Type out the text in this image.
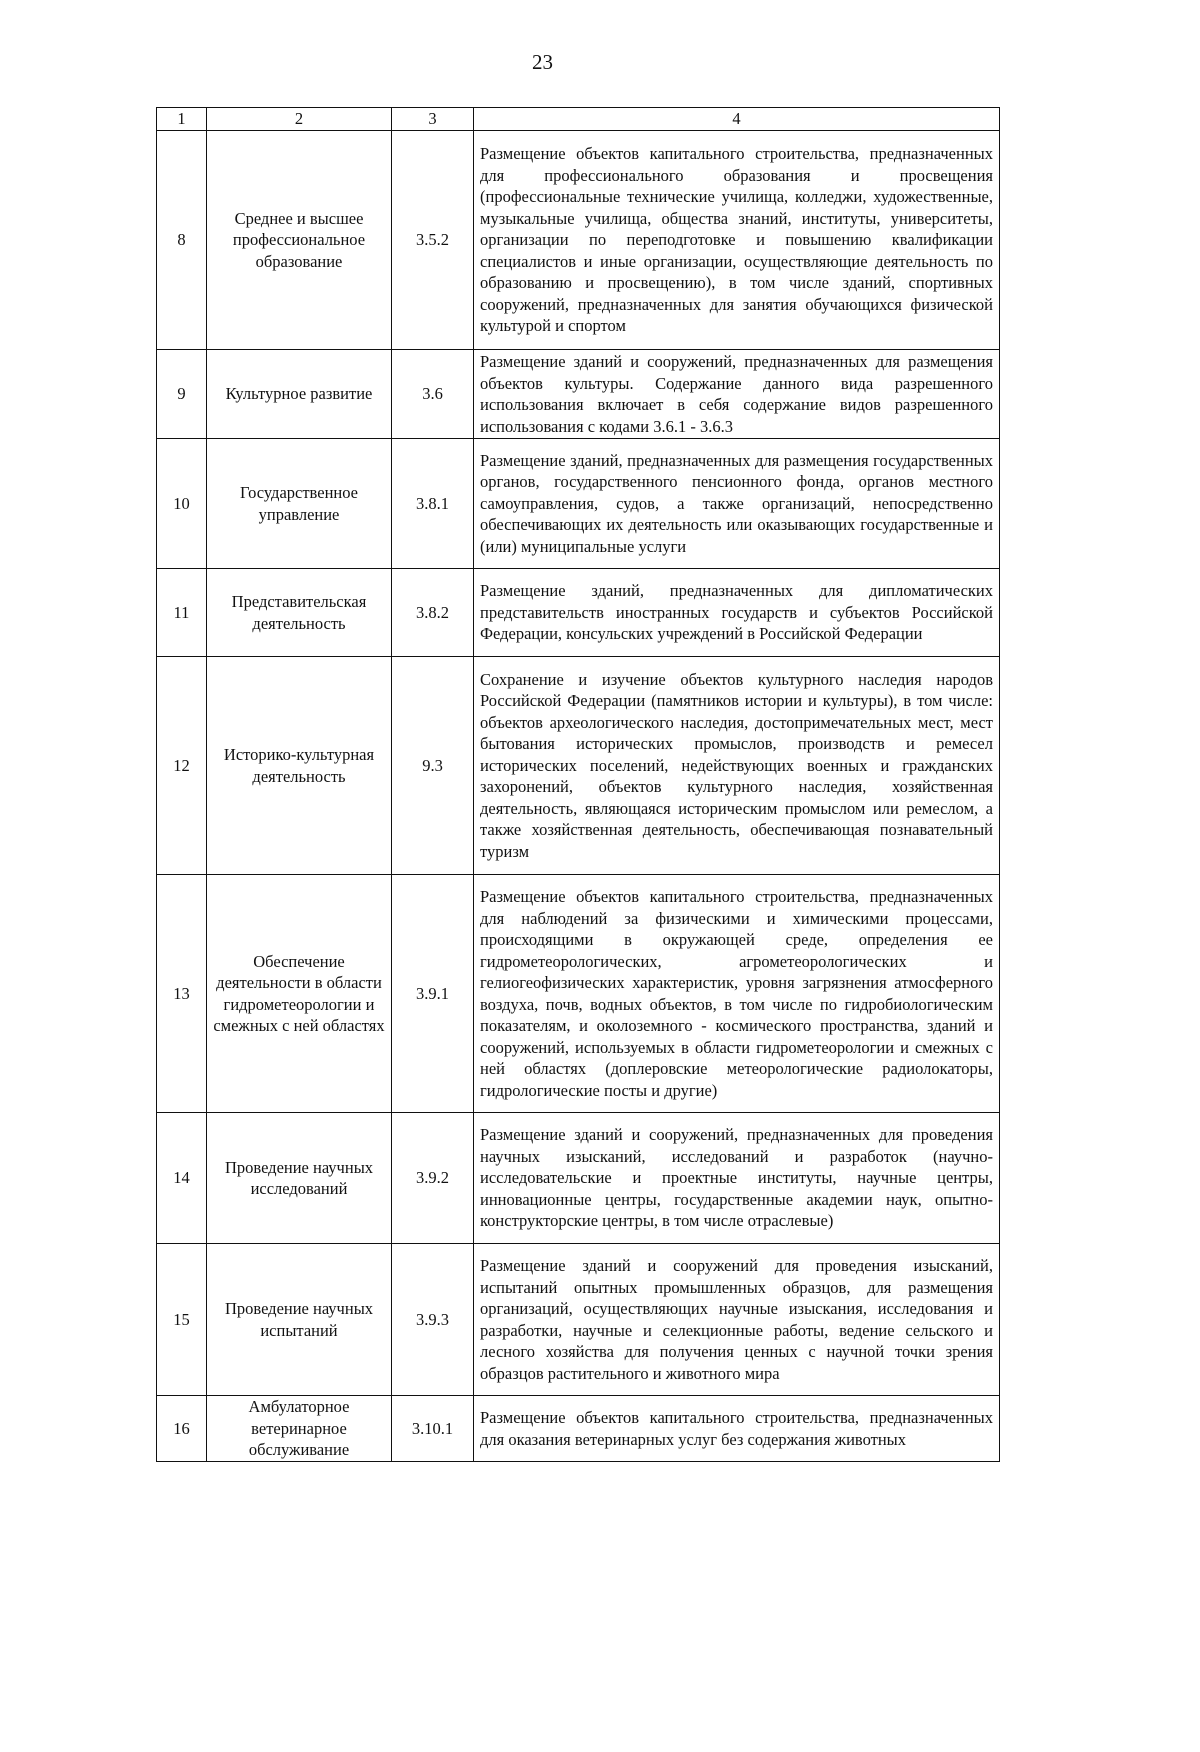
23
1	2	3	4
8	Среднее и высшее профессиональное образование	3.5.2	Размещение объектов капитального строительства, предназначенных для профессионального образования и просвещения (профессиональные технические училища, колледжи, художественные, музыкальные училища, общества знаний, институты, университеты, организации по переподготовке и повышению квалификации специалистов и иные организации, осуществляющие деятельность по образованию и просвещению), в том числе зданий, спортивных сооружений, предназначенных для занятия обучающихся физической культурой и спортом
9	Культурное развитие	3.6	Размещение зданий и сооружений, предназначенных для размещения объектов культуры. Содержание данного вида разрешенного использования включает в себя содержание видов разрешенного использования с кодами 3.6.1 - 3.6.3
10	Государственное управление	3.8.1	Размещение зданий, предназначенных для размещения государственных органов, государственного пенсионного фонда, органов местного самоуправления, судов, а также организаций, непосредственно обеспечивающих их деятельность или оказывающих государственные и (или) муниципальные услуги
11	Представительская деятельность	3.8.2	Размещение зданий, предназначенных для дипломатических представительств иностранных государств и субъектов Российской Федерации, консульских учреждений в Российской Федерации
12	Историко-культурная деятельность	9.3	Сохранение и изучение объектов культурного наследия народов Российской Федерации (памятников истории и культуры), в том числе: объектов археологического наследия, достопримечательных мест, мест бытования исторических промыслов, производств и ремесел исторических поселений, недействующих военных и гражданских захоронений, объектов культурного наследия, хозяйственная деятельность, являющаяся историческим промыслом или ремеслом, а также хозяйственная деятельность, обеспечивающая познавательный туризм
13	Обеспечение деятельности в области гидрометеорологии и смежных с ней областях	3.9.1	Размещение объектов капитального строительства, предназначенных для наблюдений за физическими и химическими процессами, происходящими в окружающей среде, определения ее гидрометеорологических, агрометеорологических и гелиогеофизических характеристик, уровня загрязнения атмосферного воздуха, почв, водных объектов, в том числе по гидробиологическим показателям, и околоземного - космического пространства, зданий и сооружений, используемых в области гидрометеорологии и смежных с ней областях (доплеровские метеорологические радиолокаторы, гидрологические посты и другие)
14	Проведение научных исследований	3.9.2	Размещение зданий и сооружений, предназначенных для проведения научных изысканий, исследований и разработок (научно-исследовательские и проектные институты, научные центры, инновационные центры, государственные академии наук, опытно-конструкторские центры, в том числе отраслевые)
15	Проведение научных испытаний	3.9.3	Размещение зданий и сооружений для проведения изысканий, испытаний опытных промышленных образцов, для размещения организаций, осуществляющих научные изыскания, исследования и разработки, научные и селекционные работы, ведение сельского и лесного хозяйства для получения ценных с научной точки зрения образцов растительного и животного мира
16	Амбулаторное ветеринарное обслуживание	3.10.1	Размещение объектов капитального строительства, предназначенных для оказания ветеринарных услуг без содержания животных
